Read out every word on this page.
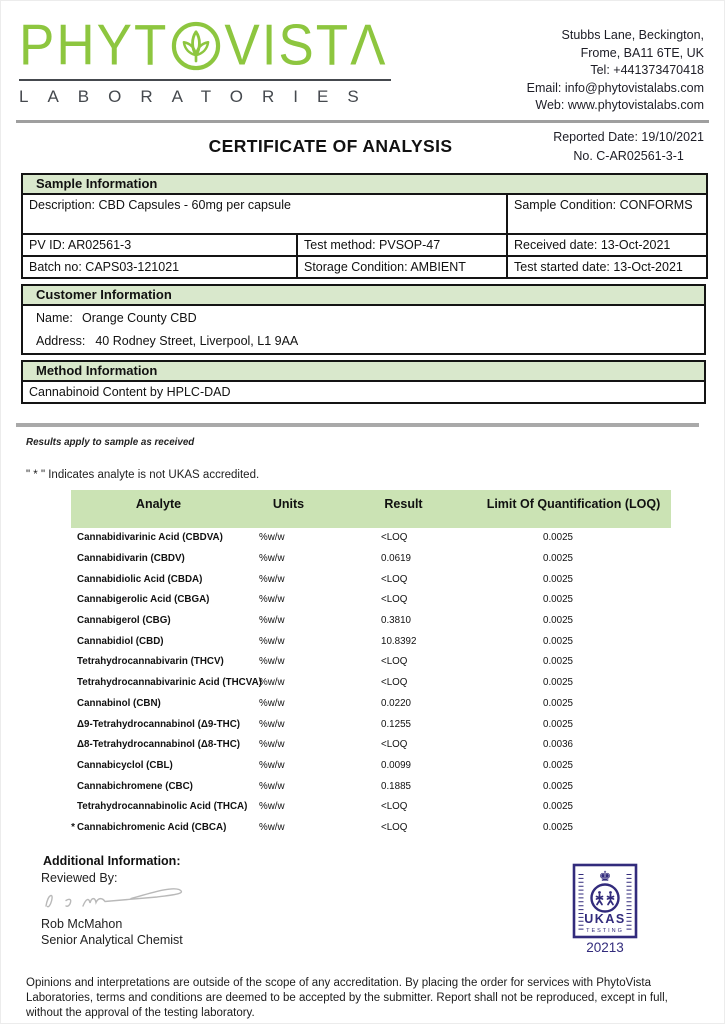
PHYT VIST Λ
LABORATORIES
Stubbs Lane, Beckington,
Frome, BA11 6TE, UK
Tel: +441373470418
Email: info@phytovistalabs.com
Web: www.phytovistalabs.com
CERTIFICATE OF ANALYSIS	Reported Date: 19/10/2021
No. C-AR02561-3-1
Sample Information		
Description: CBD Capsules - 60mg per capsule		Sample Condition: CONFORMS
PV ID: AR02561-3	Test method: PVSOP-47	Received date: 13-Oct-2021
Batch no: CAPS03-121021	Storage Condition: AMBIENT	Test started date: 13-Oct-2021
Customer Information

Name: Orange County CBD
Address: 40 Rodney Street, Liverpool, L1 9AA
Method Information
Cannabinoid Content by HPLC-DAD

Results apply to sample as received

" * " Indicates analyte is not UKAS accredited.

Analyte	Units	Result	Limit Of Quantification (LOQ)
Cannabidivarinic Acid (CBDVA)	%w/w	<LOQ	0.0025
Cannabidivarin (CBDV)	%w/w	0.0619	0.0025
Cannabidiolic Acid (CBDA)	%w/w	<LOQ	0.0025
Cannabigerolic Acid (CBGA)	%w/w	<LOQ	0.0025
Cannabigerol (CBG)	%w/w	0.3810	0.0025
Cannabidiol (CBD)	%w/w	10.8392	0.0025
Tetrahydrocannabivarin (THCV)	%w/w	<LOQ	0.0025
Tetrahydrocannabivarinic Acid (THCVA)	%w/w	<LOQ	0.0025
Cannabinol (CBN)	%w/w	0.0220	0.0025
Δ9-Tetrahydrocannabinol (Δ9-THC)	%w/w	0.1255	0.0025
Δ8-Tetrahydrocannabinol (Δ8-THC)	%w/w	<LOQ	0.0036
Cannabicyclol (CBL)	%w/w	0.0099	0.0025
Cannabichromene (CBC)	%w/w	0.1885	0.0025
Tetrahydrocannabinolic Acid (THCA)	%w/w	<LOQ	0.0025
* Cannabichromenic Acid (CBCA)	%w/w	<LOQ	0.0025

Additional Information:

Reviewed By:
Rob McMahon
Senior Analytical Chemist
♚
UKAS
TESTING
20213

Opinions and interpretations are outside of the scope of any accreditation. By placing the order for services with PhytoVista Laboratories, terms and conditions are deemed to be accepted by the submitter. Report shall not be reproduced, except in full, without the approval of the testing laboratory.
